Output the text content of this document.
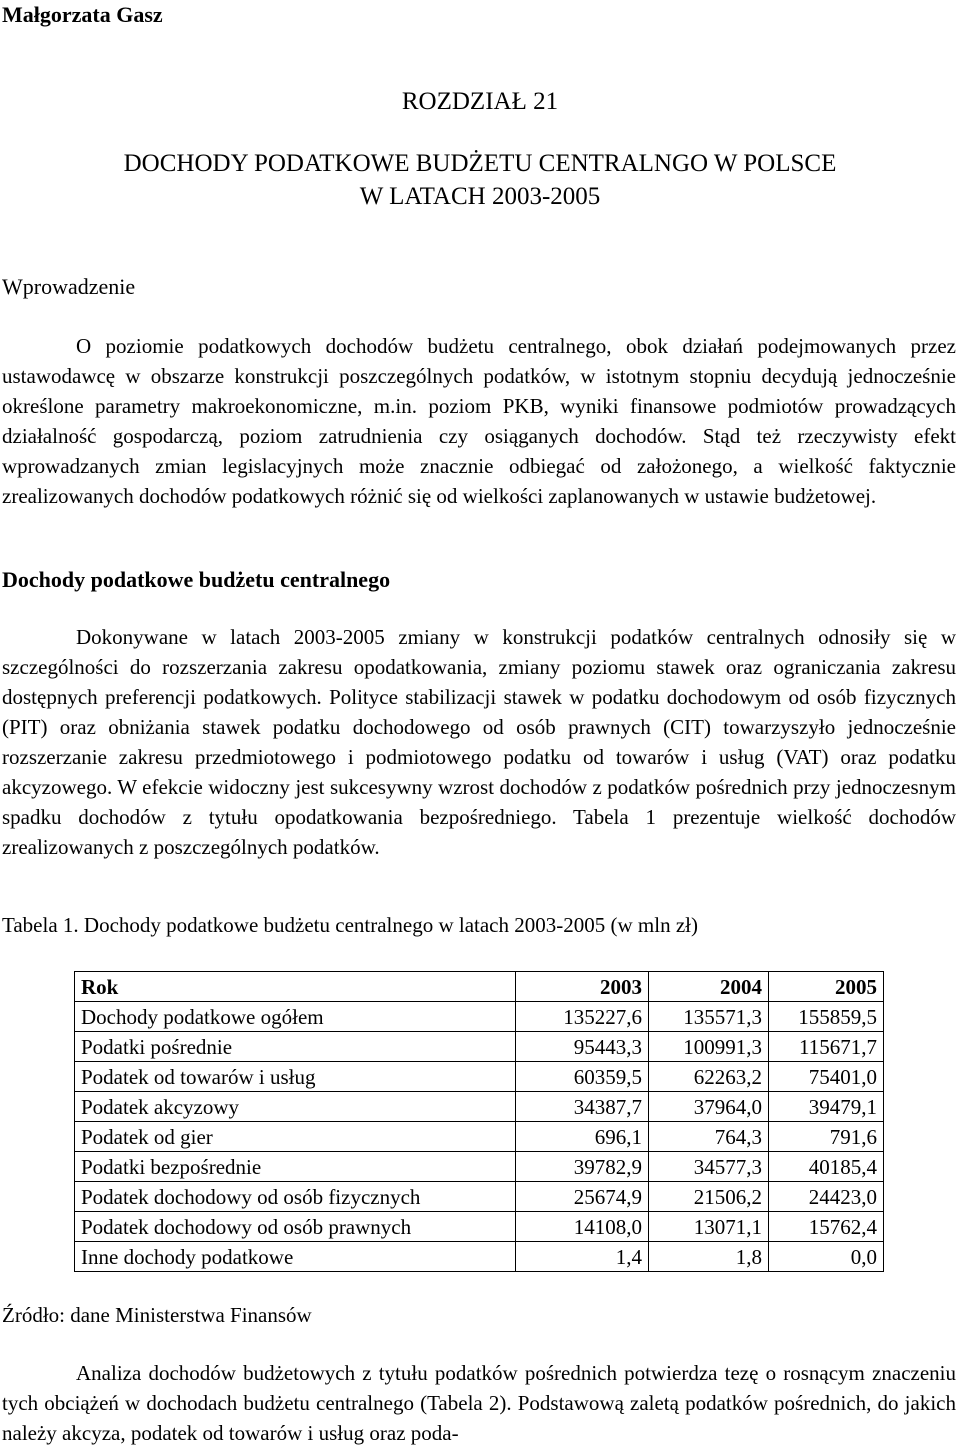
Małgorzata Gasz
ROZDZIAŁ 21
DOCHODY PODATKOWE BUDŻETU CENTRALNGO W POLSCE
W LATACH 2003-2005
Wprowadzenie

O poziomie podatkowych dochodów budżetu centralnego, obok działań podejmowanych przez ustawodawcę w obszarze konstrukcji poszczególnych podatków, w istotnym stopniu decydują jednocześnie określone parametry makroekonomiczne, m.in. poziom PKB, wyniki finansowe podmiotów prowadzących działalność gospodarczą, poziom zatrudnienia czy osiąganych dochodów. Stąd też rzeczywisty efekt wprowadzanych zmian legislacyjnych może znacznie odbiegać od założonego, a wielkość faktycznie zrealizowanych dochodów podatkowych różnić się od wielkości zaplanowanych w ustawie budżetowej.

Dochody podatkowe budżetu centralnego

Dokonywane w latach 2003-2005 zmiany w konstrukcji podatków centralnych odnosiły się w szczególności do rozszerzania zakresu opodatkowania, zmiany poziomu stawek oraz ograniczania zakresu dostępnych preferencji podatkowych. Polityce stabilizacji stawek w podatku dochodowym od osób fizycznych (PIT) oraz obniżania stawek podatku dochodowego od osób prawnych (CIT) towarzyszyło jednocześnie rozszerzanie zakresu przedmiotowego i podmiotowego podatku od towarów i usług (VAT) oraz podatku akcyzowego. W efekcie widoczny jest sukcesywny wzrost dochodów z podatków pośrednich przy jednoczesnym spadku dochodów z tytułu opodatkowania bezpośredniego. Tabela 1 prezentuje wielkość dochodów zrealizowanych z poszczególnych podatków.

Tabela 1. Dochody podatkowe budżetu centralnego w latach 2003-2005 (w mln zł)
Rok	2003	2004	2005
Dochody podatkowe ogółem	135227,6	135571,3	155859,5
Podatki pośrednie	95443,3	100991,3	115671,7
Podatek od towarów i usług	60359,5	62263,2	75401,0
Podatek akcyzowy	34387,7	37964,0	39479,1
Podatek od gier	696,1	764,3	791,6
Podatki bezpośrednie	39782,9	34577,3	40185,4
Podatek dochodowy od osób fizycznych	25674,9	21506,2	24423,0
Podatek dochodowy od osób prawnych	14108,0	13071,1	15762,4
Inne dochody podatkowe	1,4	1,8	0,0
Źródło: dane Ministerstwa Finansów

Analiza dochodów budżetowych z tytułu podatków pośrednich potwierdza tezę o rosnącym znaczeniu tych obciążeń w dochodach budżetu centralnego (Tabela 2). Podstawową zaletą podatków pośrednich, do jakich należy akcyza, podatek od towarów i usług oraz poda-
